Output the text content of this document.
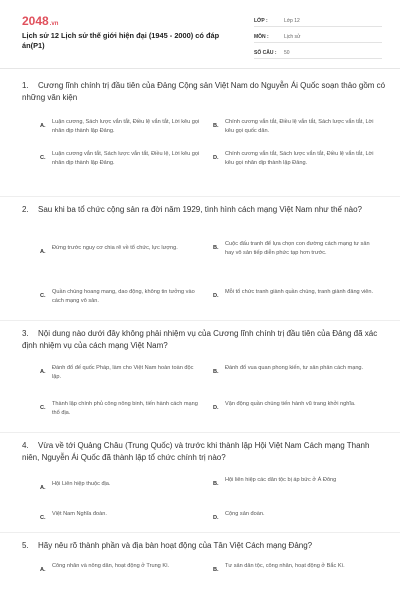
2048.vn
Lịch sử 12 Lịch sử thế giới hiện đại (1945 - 2000) có đáp án(P1)
LỚP :	Lớp 12
MÔN :	Lịch sử
SỐ CÂU :	50
1. Cương lĩnh chính trị đầu tiên của Đảng Cộng sản Việt Nam do Nguyễn Ái Quốc soạn thảo gồm có những văn kiện
A.
Luận cương, Sách lược vắn tắt, Điều lệ vắn tắt, Lời kêu gọi nhân dịp thành lập Đảng.
B.
Chính cương vắn tắt, Điều lệ vắn tắt, Sách lược vắn tắt, Lời kêu gọi quốc dân.
C.
Luận cương vắn tắt, Sách lược vắn tắt, Điều lệ, Lời kêu gọi nhân dịp thành lập Đảng.
D.
Chính cương vắn tắt, Sách lược vắn tắt, Điều lệ vắn tắt, Lời kêu gọi nhân dịp thành lập Đảng.
2. Sau khi ba tổ chức cộng sản ra đời năm 1929, tình hình cách mạng Việt Nam như thế nào?
A.
Đứng trước nguy cơ chia rẽ về tổ chức, lực lượng.	B.
Cuộc đấu tranh để lựa chọn con đường cách mạng tư sản hay vô sản tiếp diễn phức tạp hơn trước.
C.
Quần chúng hoang mang, dao động, không tin tưởng vào cách mạng vô sản.
D.
Mỗi tổ chức tranh giành quần chúng, tranh giành đảng viên.
3. Nội dung nào dưới đây không phải nhiệm vụ của Cương lĩnh chính trị đầu tiên của Đảng đã xác định nhiệm vụ của cách mạng Việt Nam?
A.
Đánh đổ đế quốc Pháp, làm cho Việt Nam hoàn toàn độc lập.
B.
Đánh đổ vua quan phong kiến, tư sản phản cách mạng.
C.
Thành lập chính phủ công nông binh, tiến hành cách mạng thổ địa.
D.
Vận động quần chúng tiến hành vũ trang khởi nghĩa.
4. Vừa về tới Quảng Châu (Trung Quốc) và trước khi thành lập Hội Việt Nam Cách mạng Thanh niên, Nguyễn Ái Quốc đã thành lập tổ chức chính trị nào?
A.
Hội Liên hiệp thuộc địa.	B.
Hội liên hiệp các dân tộc bị áp bức ở Á Đông
C.
Việt Nam Nghĩa đoàn.
D.
Cộng sản đoàn.
5. Hãy nêu rõ thành phần và địa bàn hoạt động của Tân Việt Cách mạng Đảng?
A.
Công nhân và nông dân, hoạt động ở Trung Kì.
B.
Tư sản dân tộc, công nhân, hoạt động ở Bắc Kì.
